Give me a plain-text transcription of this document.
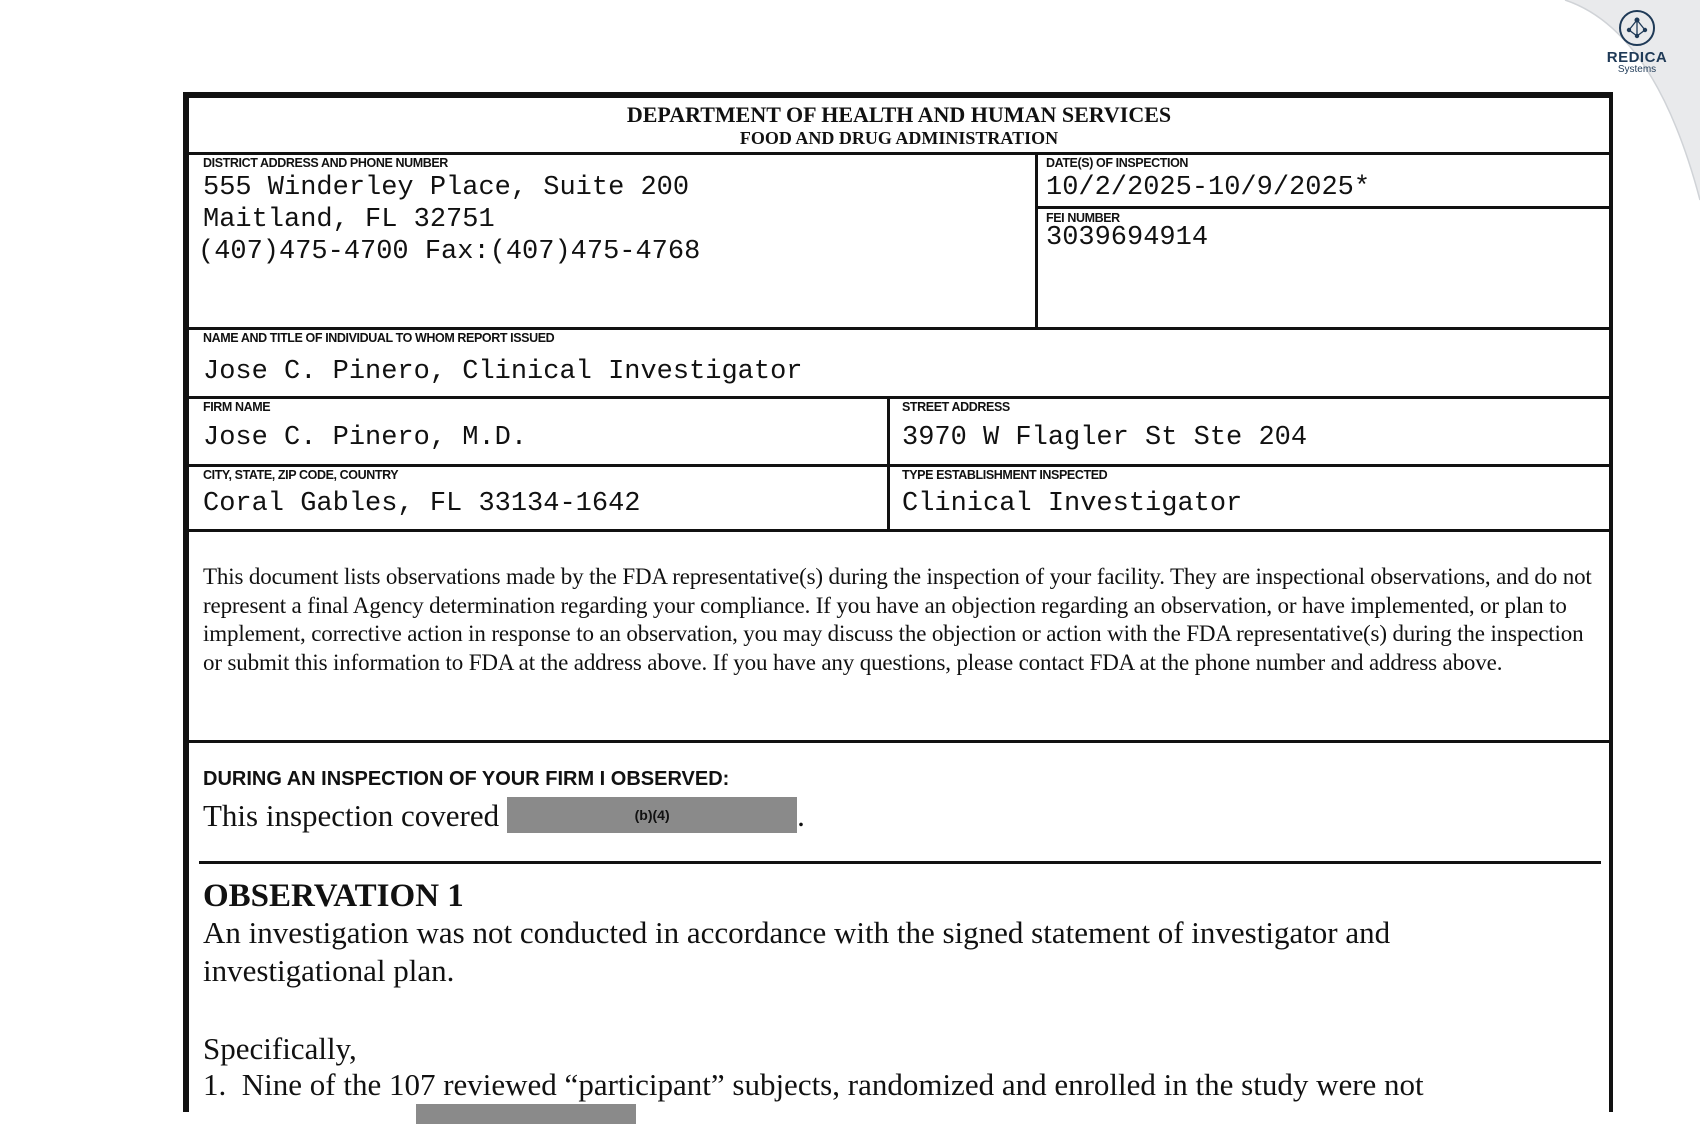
REDICA
Systems
DEPARTMENT OF HEALTH AND HUMAN SERVICES
FOOD AND DRUG ADMINISTRATION
DISTRICT ADDRESS AND PHONE NUMBER
555 Winderley Place, Suite 200
Maitland, FL 32751
(407)475-4700 Fax:(407)475-4768
DATE(S) OF INSPECTION
10/2/2025-10/9/2025*
FEI NUMBER
3039694914
NAME AND TITLE OF INDIVIDUAL TO WHOM REPORT ISSUED
Jose C. Pinero, Clinical Investigator
FIRM NAME
Jose C. Pinero, M.D.
STREET ADDRESS
3970 W Flagler St Ste 204
CITY, STATE, ZIP CODE, COUNTRY
Coral Gables, FL 33134-1642
TYPE ESTABLISHMENT INSPECTED
Clinical Investigator
This document lists observations made by the FDA representative(s) during the inspection of your facility. They are inspectional observations, and do not represent a final Agency determination regarding your compliance. If you have an objection regarding an observation, or have implemented, or plan to implement, corrective action in response to an observation, you may discuss the objection or action with the FDA representative(s) during the inspection or submit this information to FDA at the address above. If you have any questions, please contact FDA at the phone number and address above.
DURING AN INSPECTION OF YOUR FIRM I OBSERVED:
This inspection covered	(b)(4)	.
OBSERVATION 1
An investigation was not conducted in accordance with the signed statement of investigator and investigational plan.
Specifically,
1.  Nine of the 107 reviewed “participant” subjects, randomized and enrolled in the study were not
